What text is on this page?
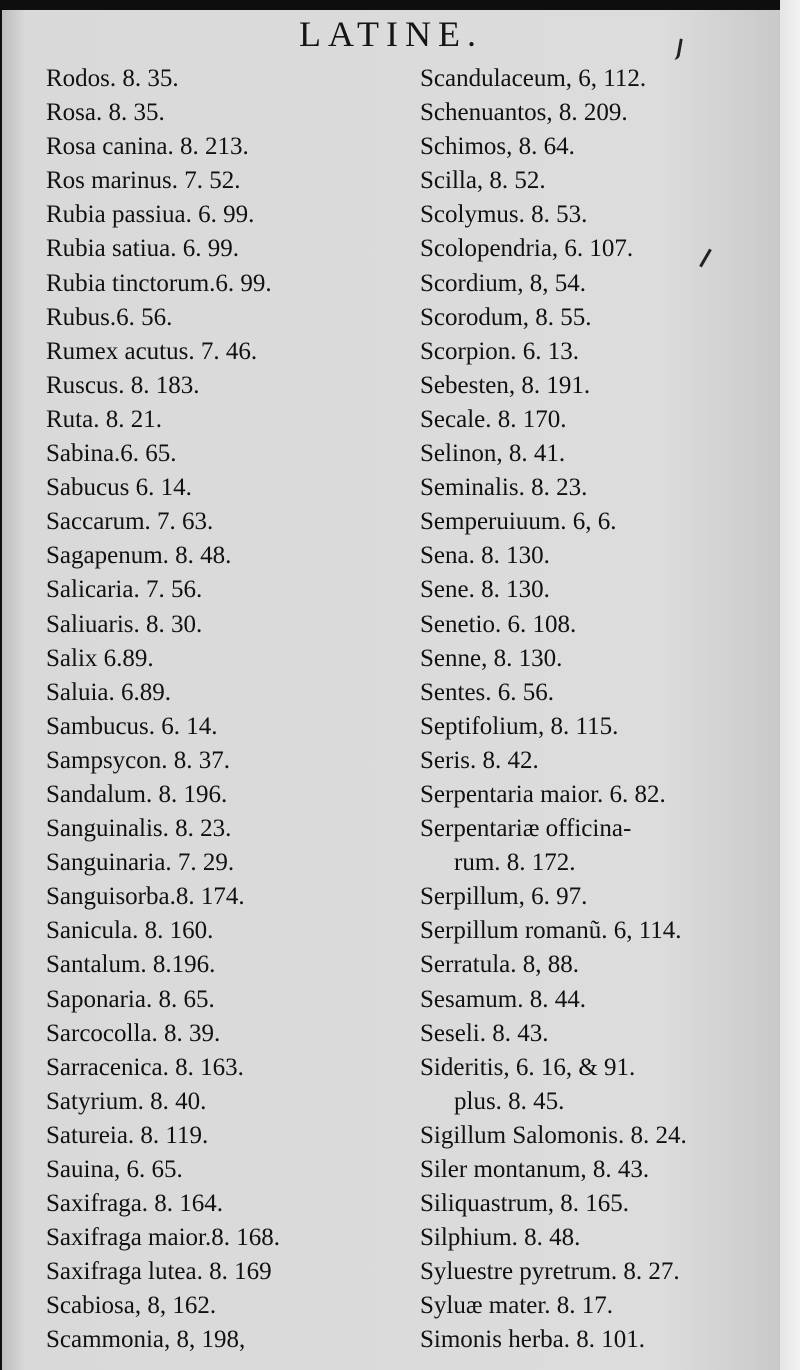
LATINE.
Rodos. 8. 35.
Rosa. 8. 35.
Rosa canina. 8. 213.
Ros marinus. 7. 52.
Rubia passiua. 6. 99.
Rubia satiua. 6. 99.
Rubia tinctorum.6. 99.
Rubus.6. 56.
Rumex acutus. 7. 46.
Ruscus. 8. 183.
Ruta. 8. 21.
Sabina.6. 65.
Sabucus 6. 14.
Saccarum. 7. 63.
Sagapenum. 8. 48.
Salicaria. 7. 56.
Saliuaris. 8. 30.
Salix 6.89.
Saluia. 6.89.
Sambucus. 6. 14.
Sampsycon. 8. 37.
Sandalum. 8. 196.
Sanguinalis. 8. 23.
Sanguinaria. 7. 29.
Sanguisorba.8. 174.
Sanicula. 8. 160.
Santalum. 8.196.
Saponaria. 8. 65.
Sarcocolla. 8. 39.
Sarracenica. 8. 163.
Satyrium. 8. 40.
Satureia. 8. 119.
Sauina, 6. 65.
Saxifraga. 8. 164.
Saxifraga maior.8. 168.
Saxifraga lutea. 8. 169
Scabiosa, 8, 162.
Scammonia, 8, 198,
Scandulaceum, 6, 112.
Schenuantos, 8. 209.
Schimos, 8. 64.
Scilla, 8. 52.
Scolymus. 8. 53.
Scolopendria, 6. 107.
Scordium, 8, 54.
Scorodum, 8. 55.
Scorpion. 6. 13.
Sebesten, 8. 191.
Secale. 8. 170.
Selinon, 8. 41.
Seminalis. 8. 23.
Semperuiuum. 6, 6.
Sena. 8. 130.
Sene. 8. 130.
Senetio. 6. 108.
Senne, 8. 130.
Sentes. 6. 56.
Septifolium, 8. 115.
Seris. 8. 42.
Serpentaria maior. 6. 82.
Serpentariæ officina-
rum. 8. 172.
Serpillum, 6. 97.
Serpillum romanũ. 6, 114.
Serratula. 8, 88.
Sesamum. 8. 44.
Seseli. 8. 43.
Sideritis, 6. 16, & 91.
plus. 8. 45.
Sigillum Salomonis. 8. 24.
Siler montanum, 8. 43.
Siliquastrum, 8. 165.
Silphium. 8. 48.
Syluestre pyretrum. 8. 27.
Syluæ mater. 8. 17.
Simonis herba. 8. 101.
